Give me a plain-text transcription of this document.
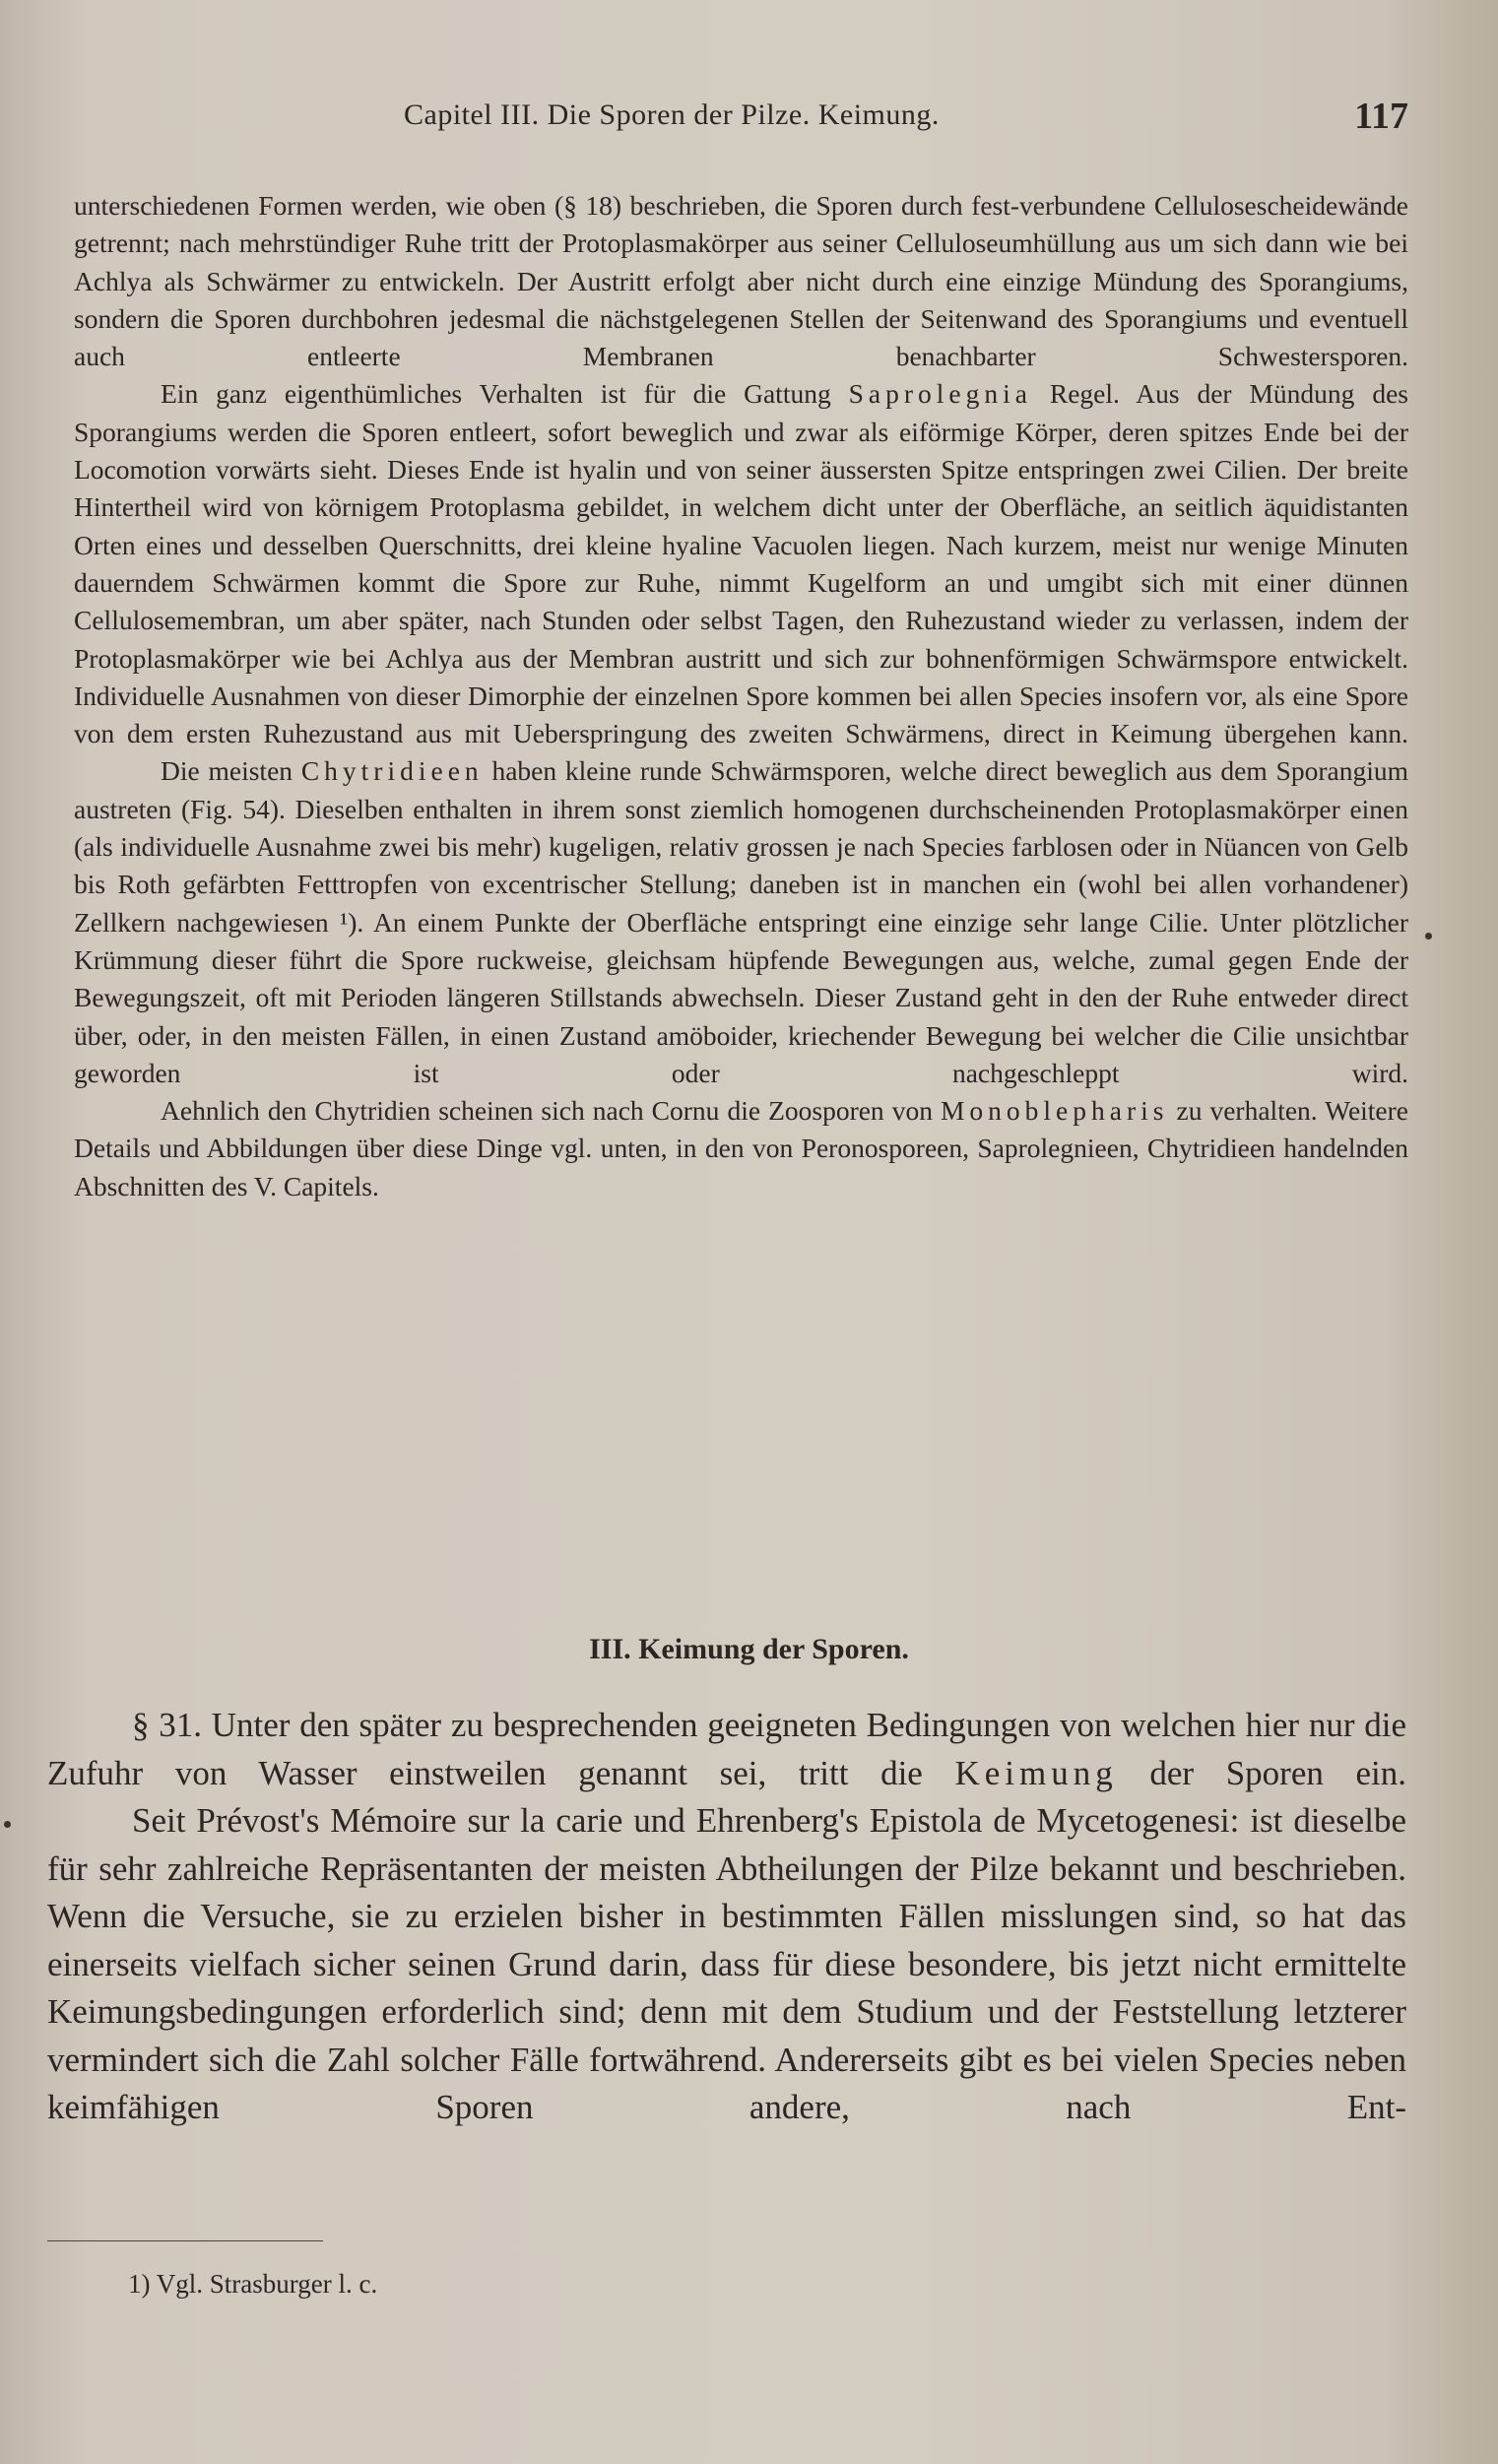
Capitel III. Die Sporen der Pilze. Keimung.	117

unterschiedenen Formen werden, wie oben (§ 18) beschrieben, die Sporen durch fest-verbundene Cellulosescheidewände getrennt; nach mehrstündiger Ruhe tritt der Protoplasmakörper aus seiner Celluloseumhüllung aus um sich dann wie bei Achlya als Schwärmer zu entwickeln. Der Austritt erfolgt aber nicht durch eine einzige Mündung des Sporangiums, sondern die Sporen durchbohren jedesmal die nächstgelegenen Stellen der Seitenwand des Sporangiums und eventuell auch entleerte Membranen benachbarter Schwestersporen.

Ein ganz eigenthümliches Verhalten ist für die Gattung Saprolegnia Regel. Aus der Mündung des Sporangiums werden die Sporen entleert, sofort beweglich und zwar als eiförmige Körper, deren spitzes Ende bei der Locomotion vorwärts sieht. Dieses Ende ist hyalin und von seiner äussersten Spitze entspringen zwei Cilien. Der breite Hintertheil wird von körnigem Protoplasma gebildet, in welchem dicht unter der Oberfläche, an seitlich äquidistanten Orten eines und desselben Querschnitts, drei kleine hyaline Vacuolen liegen. Nach kurzem, meist nur wenige Minuten dauerndem Schwärmen kommt die Spore zur Ruhe, nimmt Kugelform an und umgibt sich mit einer dünnen Cellulosemembran, um aber später, nach Stunden oder selbst Tagen, den Ruhezustand wieder zu verlassen, indem der Protoplasmakörper wie bei Achlya aus der Membran austritt und sich zur bohnenförmigen Schwärmspore entwickelt. Individuelle Ausnahmen von dieser Dimorphie der einzelnen Spore kommen bei allen Species insofern vor, als eine Spore von dem ersten Ruhezustand aus mit Ueberspringung des zweiten Schwärmens, direct in Keimung übergehen kann.

Die meisten Chytridieen haben kleine runde Schwärmsporen, welche direct beweglich aus dem Sporangium austreten (Fig. 54). Dieselben enthalten in ihrem sonst ziemlich homogenen durchscheinenden Protoplasmakörper einen (als individuelle Ausnahme zwei bis mehr) kugeligen, relativ grossen je nach Species farblosen oder in Nüancen von Gelb bis Roth gefärbten Fetttropfen von excentrischer Stellung; daneben ist in manchen ein (wohl bei allen vorhandener) Zellkern nachgewiesen ¹). An einem Punkte der Oberfläche entspringt eine einzige sehr lange Cilie. Unter plötzlicher Krümmung dieser führt die Spore ruckweise, gleichsam hüpfende Bewegungen aus, welche, zumal gegen Ende der Bewegungszeit, oft mit Perioden längeren Stillstands abwechseln. Dieser Zustand geht in den der Ruhe entweder direct über, oder, in den meisten Fällen, in einen Zustand amöboider, kriechender Bewegung bei welcher die Cilie unsichtbar geworden ist oder nachgeschleppt wird.

Aehnlich den Chytridien scheinen sich nach Cornu die Zoosporen von Monoblepharis zu verhalten. Weitere Details und Abbildungen über diese Dinge vgl. unten, in den von Peronosporeen, Saprolegnieen, Chytridieen handelnden Abschnitten des V. Capitels.

III. Keimung der Sporen.

§ 31. Unter den später zu besprechenden geeigneten Bedingungen von welchen hier nur die Zufuhr von Wasser einstweilen genannt sei, tritt die Keimung der Sporen ein.

Seit Prévost's Mémoire sur la carie und Ehrenberg's Epistola de Mycetogenesi: ist dieselbe für sehr zahlreiche Repräsentanten der meisten Abtheilungen der Pilze bekannt und beschrieben. Wenn die Versuche, sie zu erzielen bisher in bestimmten Fällen misslungen sind, so hat das einerseits vielfach sicher seinen Grund darin, dass für diese besondere, bis jetzt nicht ermittelte Keimungsbedingungen erforderlich sind; denn mit dem Studium und der Feststellung letzterer vermindert sich die Zahl solcher Fälle fortwährend. Andererseits gibt es bei vielen Species neben keimfähigen Sporen andere, nach Ent-

1) Vgl. Strasburger l. c.
